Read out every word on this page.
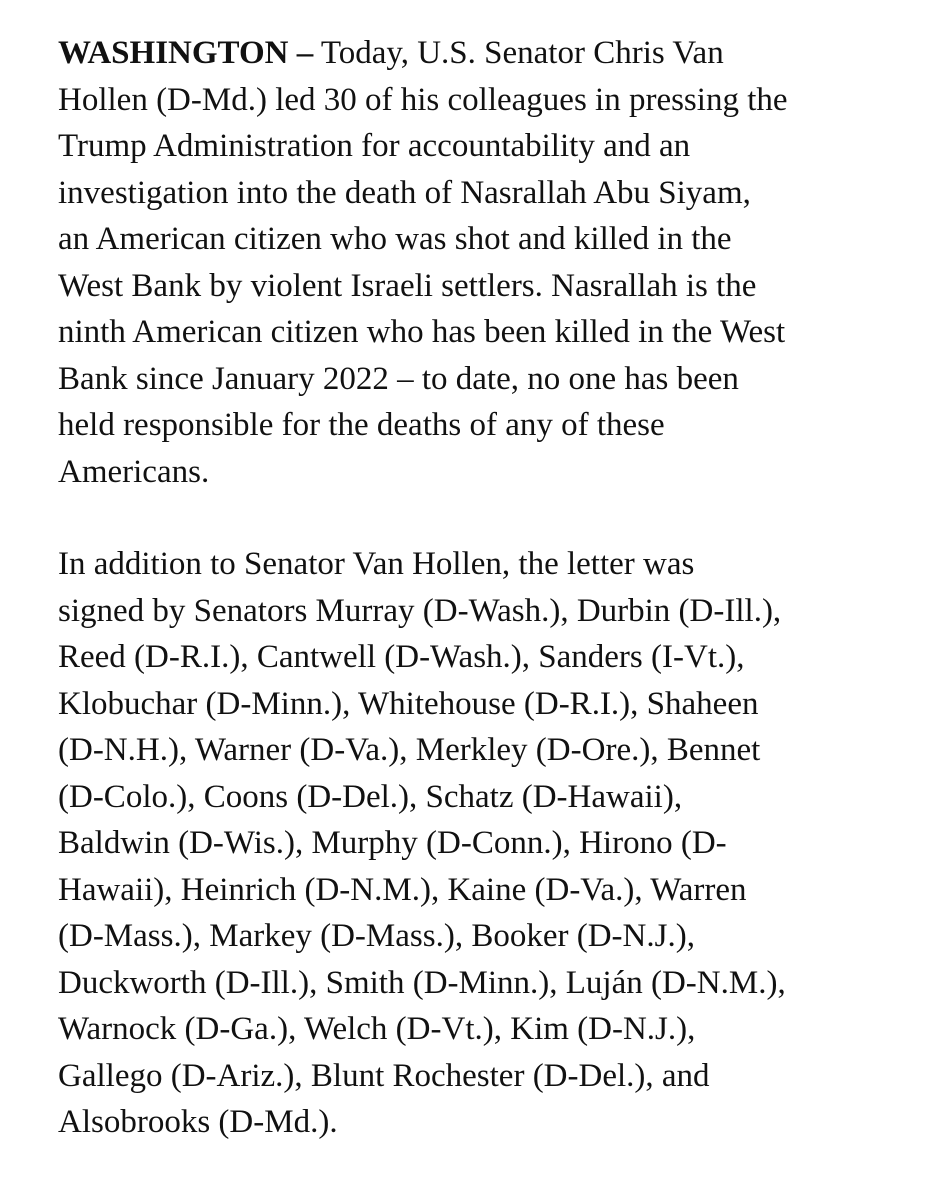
WASHINGTON – Today, U.S. Senator Chris Van
Hollen (D-Md.) led 30 of his colleagues in pressing the
Trump Administration for accountability and an
investigation into the death of Nasrallah Abu Siyam,
an American citizen who was shot and killed in the
West Bank by violent Israeli settlers. Nasrallah is the
ninth American citizen who has been killed in the West
Bank since January 2022 – to date, no one has been
held responsible for the deaths of any of these
Americans.

In addition to Senator Van Hollen, the letter was
signed by Senators Murray (D-Wash.), Durbin (D-Ill.),
Reed (D-R.I.), Cantwell (D-Wash.), Sanders (I-Vt.),
Klobuchar (D-Minn.), Whitehouse (D-R.I.), Shaheen
(D-N.H.), Warner (D-Va.), Merkley (D-Ore.), Bennet
(D-Colo.), Coons (D-Del.), Schatz (D-Hawaii),
Baldwin (D-Wis.), Murphy (D-Conn.), Hirono (D-
Hawaii), Heinrich (D-N.M.), Kaine (D-Va.), Warren
(D-Mass.), Markey (D-Mass.), Booker (D-N.J.),
Duckworth (D-Ill.), Smith (D-Minn.), Luján (D-N.M.),
Warnock (D-Ga.), Welch (D-Vt.), Kim (D-N.J.),
Gallego (D-Ariz.), Blunt Rochester (D-Del.), and
Alsobrooks (D-Md.).
